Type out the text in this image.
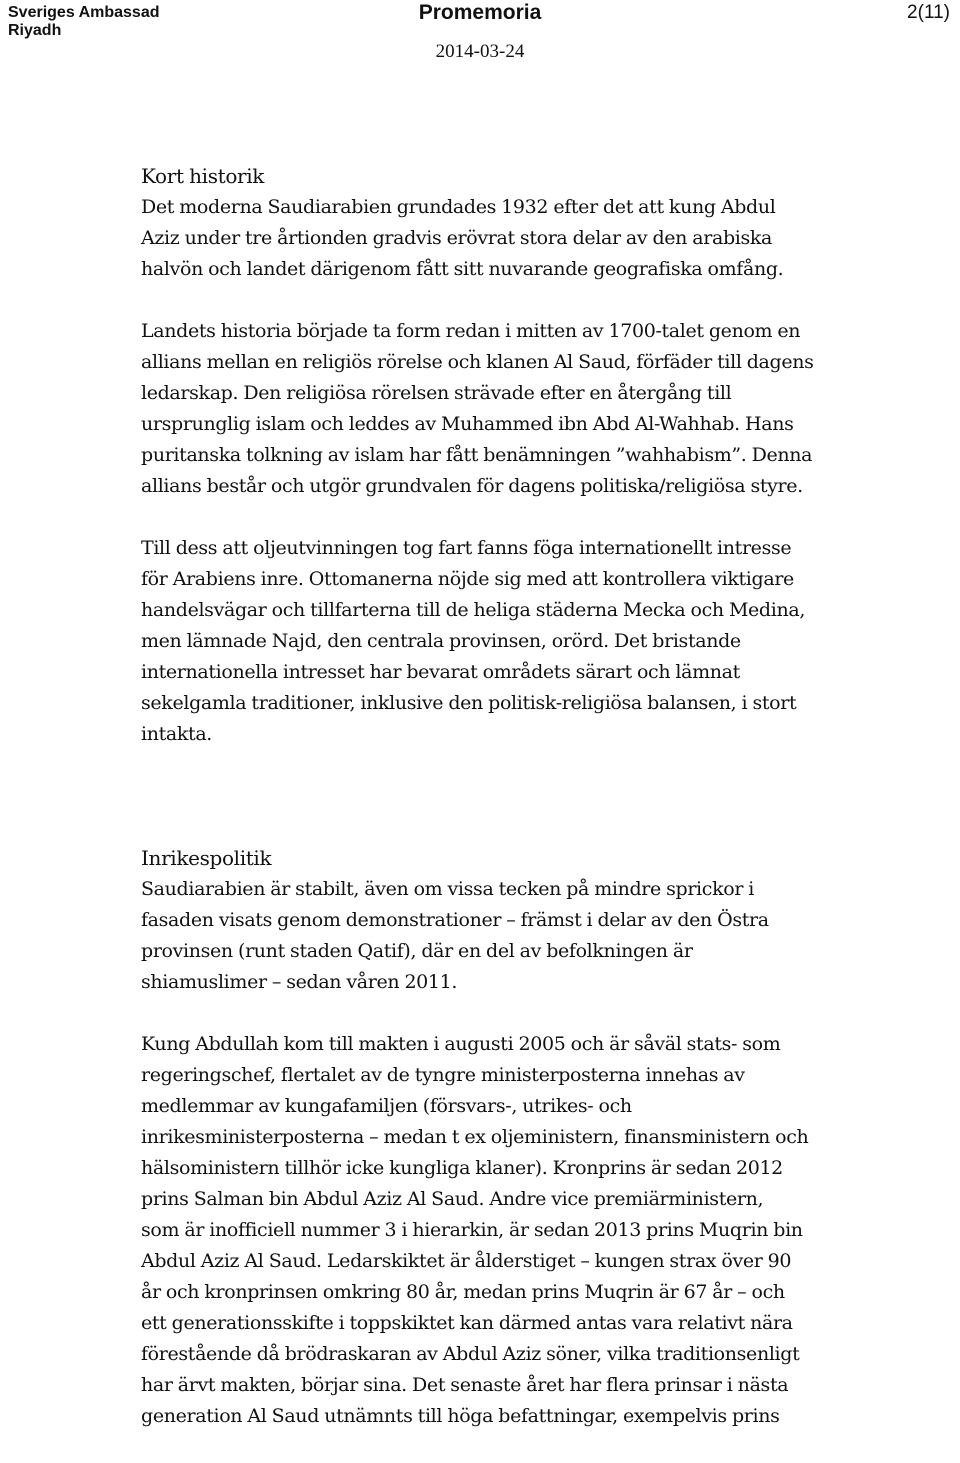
Sveriges Ambassad
Riyadh
Promemoria
2014-03-24
2(11)
Kort historik
Det moderna Saudiarabien grundades 1932 efter det att kung Abdul
Aziz under tre årtionden gradvis erövrat stora delar av den arabiska
halvön och landet därigenom fått sitt nuvarande geografiska omfång.
Landets historia började ta form redan i mitten av 1700-talet genom en
allians mellan en religiös rörelse och klanen Al Saud, förfäder till dagens
ledarskap. Den religiösa rörelsen strävade efter en återgång till
ursprunglig islam och leddes av Muhammed ibn Abd Al-Wahhab. Hans
puritanska tolkning av islam har fått benämningen ”wahhabism”. Denna
allians består och utgör grundvalen för dagens politiska/religiösa styre.
Till dess att oljeutvinningen tog fart fanns föga internationellt intresse
för Arabiens inre. Ottomanerna nöjde sig med att kontrollera viktigare
handelsvägar och tillfarterna till de heliga städerna Mecka och Medina,
men lämnade Najd, den centrala provinsen, orörd. Det bristande
internationella intresset har bevarat områdets särart och lämnat
sekelgamla traditioner, inklusive den politisk-religiösa balansen, i stort
intakta.
Inrikespolitik
Saudiarabien är stabilt, även om vissa tecken på mindre sprickor i
fasaden visats genom demonstrationer – främst i delar av den Östra
provinsen (runt staden Qatif), där en del av befolkningen är
shiamuslimer – sedan våren 2011.
Kung Abdullah kom till makten i augusti 2005 och är såväl stats- som
regeringschef, flertalet av de tyngre ministerposterna innehas av
medlemmar av kungafamiljen (försvars-, utrikes- och
inrikesministerposterna – medan t ex oljeministern, finansministern och
hälsoministern tillhör icke kungliga klaner). Kronprins är sedan 2012
prins Salman bin Abdul Aziz Al Saud. Andre vice premiärministern,
som är inofficiell nummer 3 i hierarkin, är sedan 2013 prins Muqrin bin
Abdul Aziz Al Saud. Ledarskiktet är ålderstiget – kungen strax över 90
år och kronprinsen omkring 80 år, medan prins Muqrin är 67 år – och
ett generationsskifte i toppskiktet kan därmed antas vara relativt nära
förestående då brödraskaran av Abdul Aziz söner, vilka traditionsenligt
har ärvt makten, börjar sina. Det senaste året har flera prinsar i nästa
generation Al Saud utnämnts till höga befattningar, exempelvis prins
